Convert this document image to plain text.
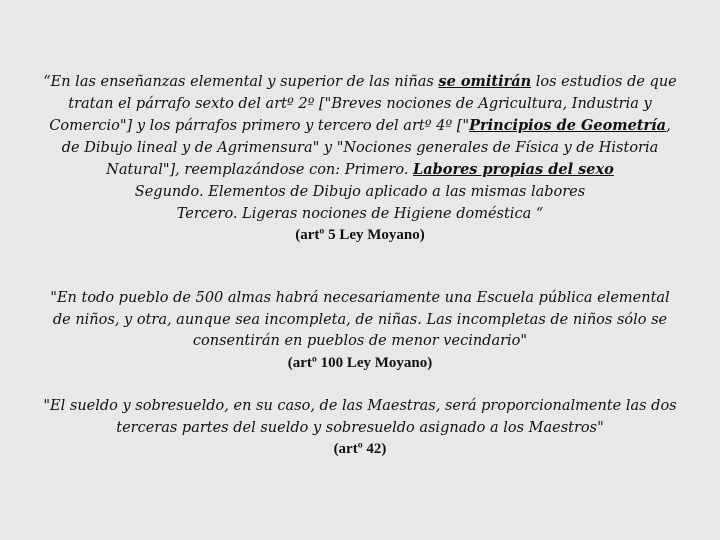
“En las enseñanzas elemental y superior de las niñas se omitirán los estudios de que tratan el párrafo sexto del artº 2º ["Breves nociones de Agricultura, Industria y Comercio"] y los párrafos primero y tercero del artº 4º ["Principios de Geometría, de Dibujo lineal y de Agrimensura" y "Nociones generales de Física y de Historia Natural"], reemplazándose con: Primero. Labores propias del sexo
Segundo. Elementos de Dibujo aplicado a las mismas labores
Tercero. Ligeras nociones de Higiene doméstica “
(artº 5 Ley Moyano)
"En todo pueblo de 500 almas habrá necesariamente una Escuela pública elemental de niños, y otra, aunque sea incompleta, de niñas. Las incompletas de niños sólo se consentirán en pueblos de menor vecindario"
(artº 100 Ley Moyano)
"El sueldo y sobresueldo, en su caso, de las Maestras, será proporcionalmente las dos terceras partes del sueldo y sobresueldo asignado a los Maestros"
(artº 42)
